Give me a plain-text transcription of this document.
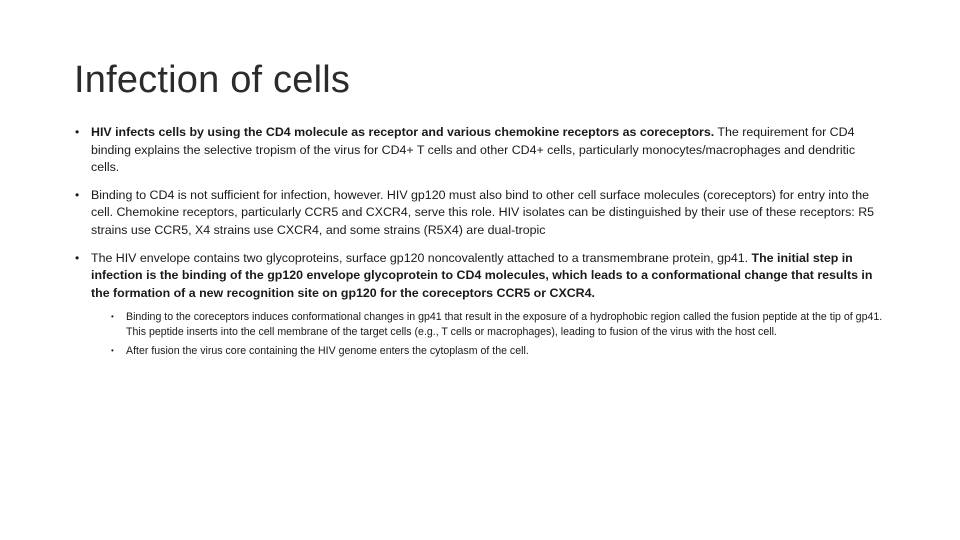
Infection of cells
• HIV infects cells by using the CD4 molecule as receptor and various chemokine receptors as coreceptors. The requirement for CD4 binding explains the selective tropism of the virus for CD4+ T cells and other CD4+ cells, particularly monocytes/macrophages and dendritic cells.
• Binding to CD4 is not sufficient for infection, however. HIV gp120 must also bind to other cell surface molecules (coreceptors) for entry into the cell. Chemokine receptors, particularly CCR5 and CXCR4, serve this role. HIV isolates can be distinguished by their use of these receptors: R5 strains use CCR5, X4 strains use CXCR4, and some strains (R5X4) are dual-tropic
• The HIV envelope contains two glycoproteins, surface gp120 noncovalently attached to a transmembrane protein, gp41. The initial step in infection is the binding of the gp120 envelope glycoprotein to CD4 molecules, which leads to a conformational change that results in the formation of a new recognition site on gp120 for the coreceptors CCR5 or CXCR4.
• Binding to the coreceptors induces conformational changes in gp41 that result in the exposure of a hydrophobic region called the fusion peptide at the tip of gp41. This peptide inserts into the cell membrane of the target cells (e.g., T cells or macrophages), leading to fusion of the virus with the host cell.
• After fusion the virus core containing the HIV genome enters the cytoplasm of the cell.
